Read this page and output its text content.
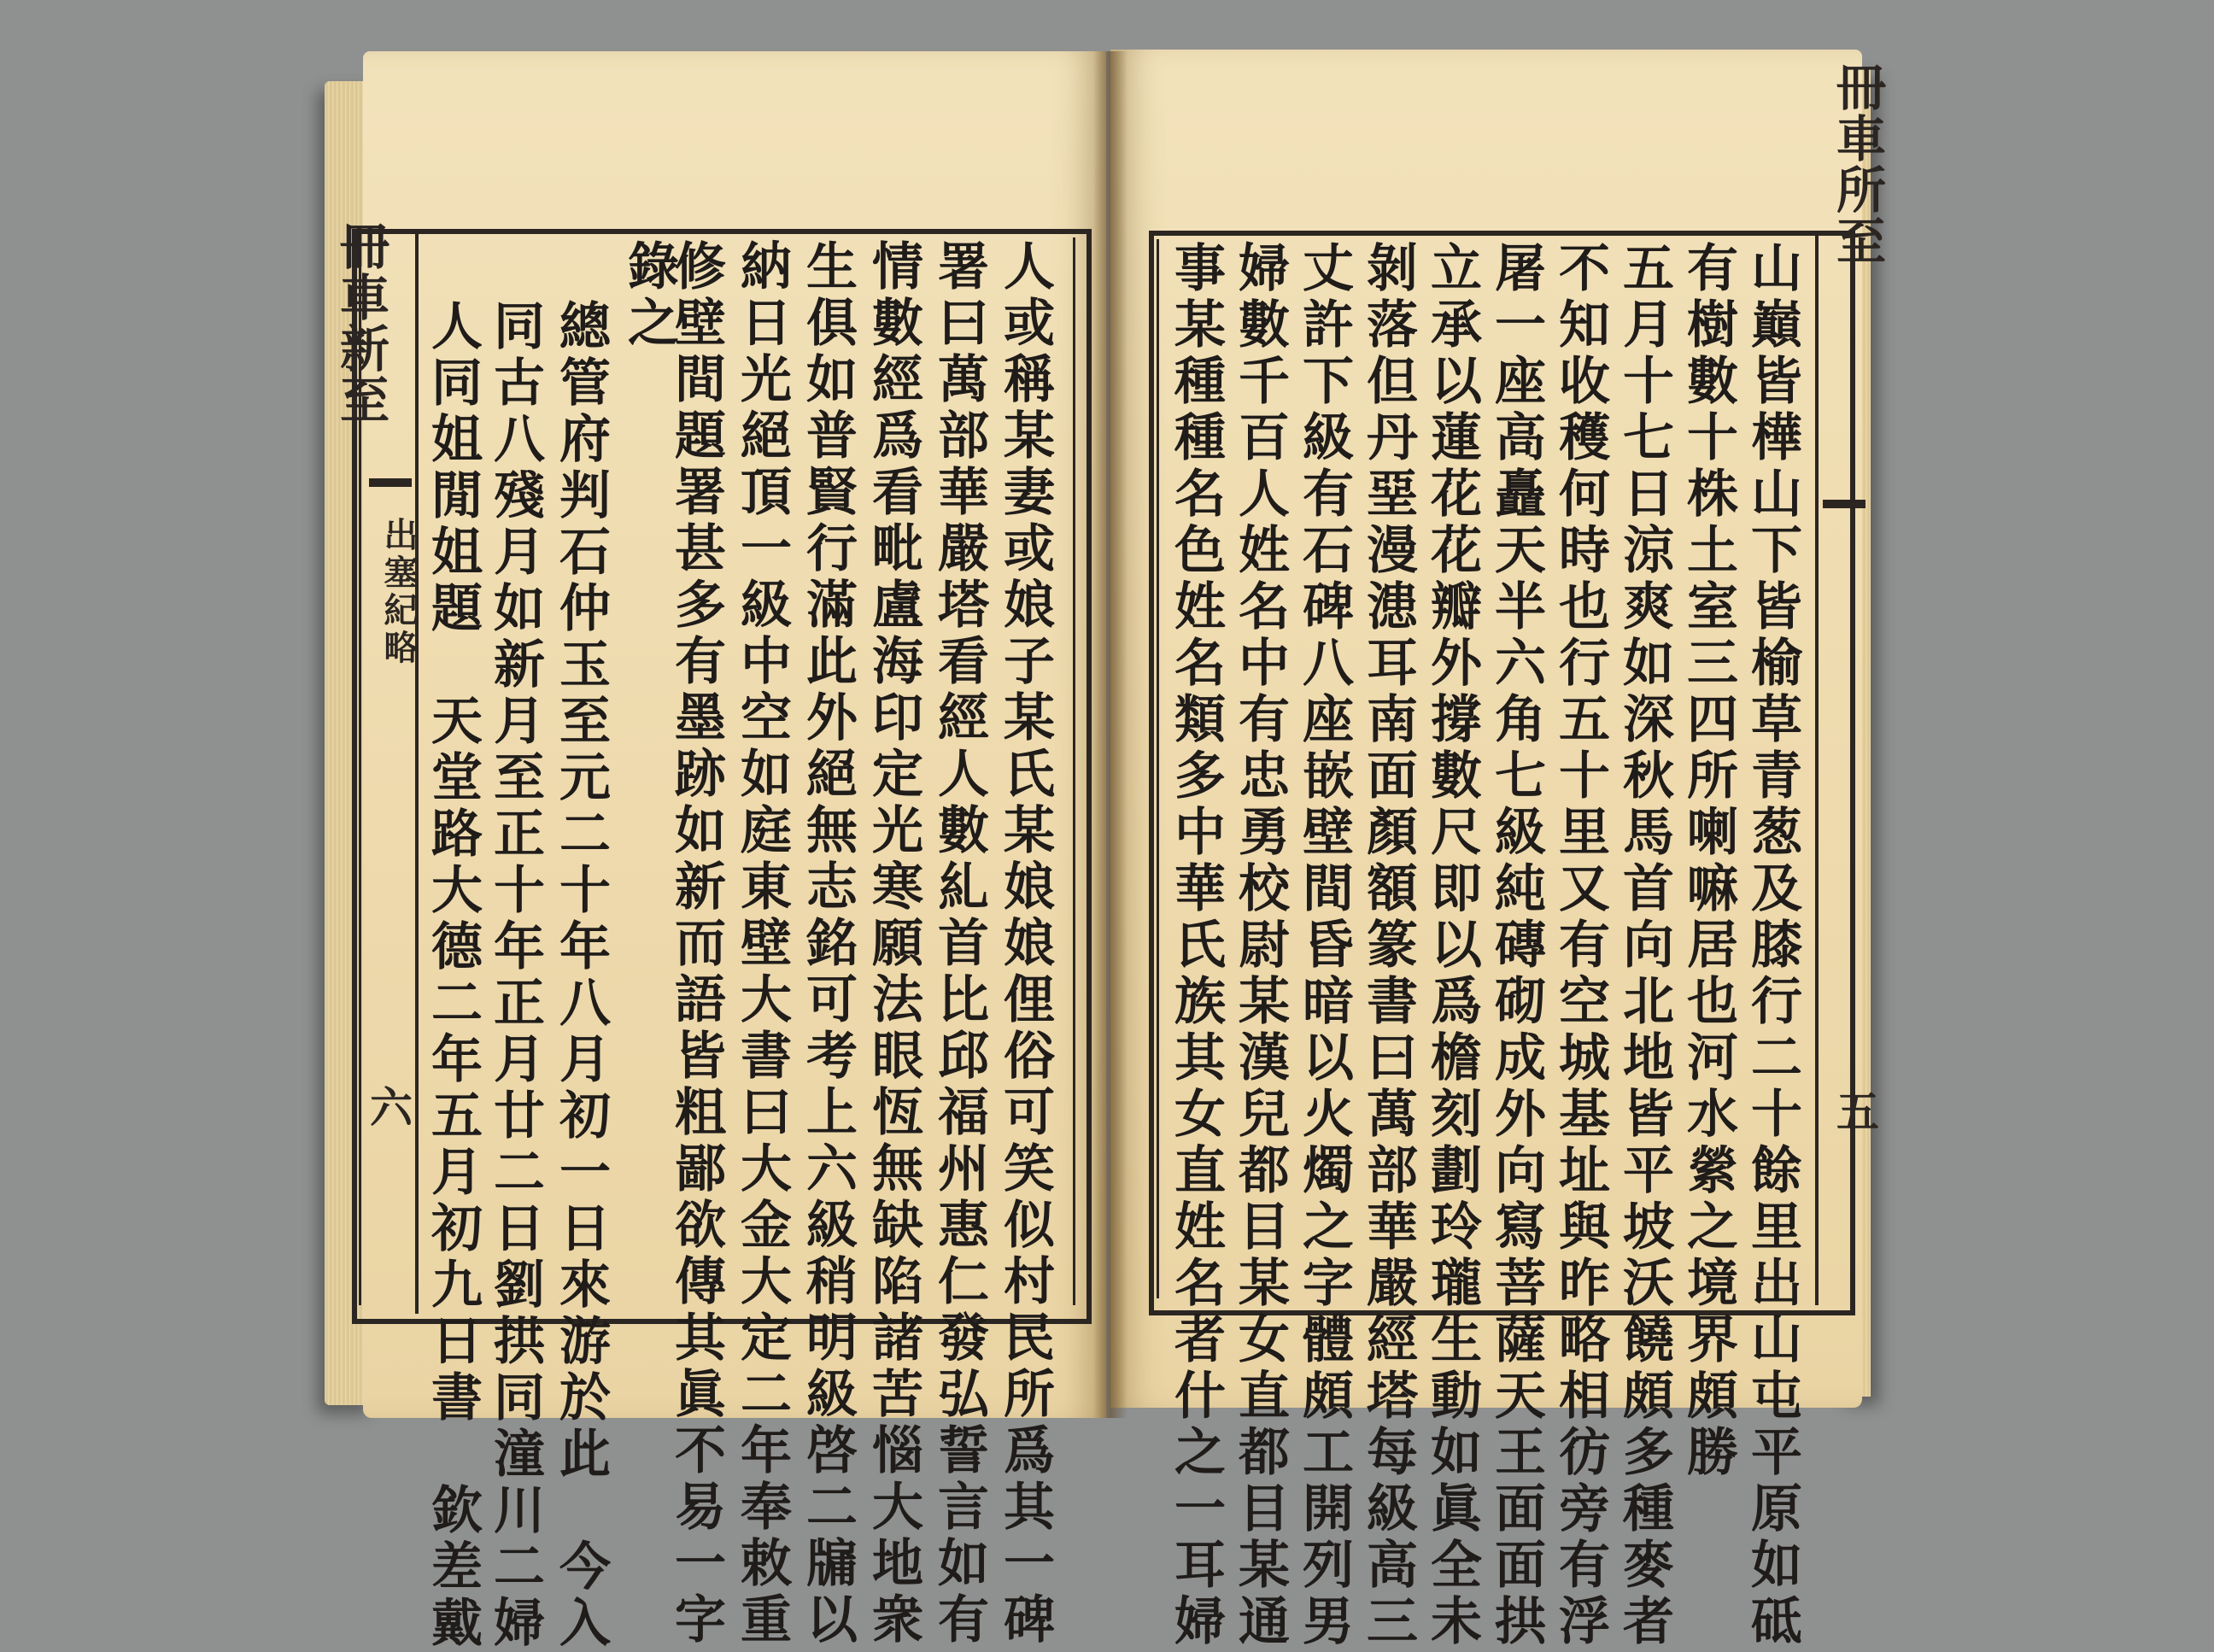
冊車新至
出塞紀略
六
冊車所至
五
人或稱某妻或娘子某氏某娘娘俚俗可笑似村民所爲其一碑
署曰萬部華嚴塔看經人數糺首比邱福州惠仁發弘誓言如有
情數經爲看毗盧海印定光寒願法眼恆無缺陷諸苦惱大地衆
生俱如普賢行滿此外絕無志銘可考上六級稍明級啓二牖以
納日光絕頂一級中空如庭東壁大書曰大金大定二年奉敕重
修壁間題署甚多有墨跡如新而語皆粗鄙欲傳其眞不易一字
錄之
總管府判石仲玉至元二十年八月初一日來游於此　今入
同古八殘月如新月至正十年正月廿二日劉拱同潼川二婦
人同姐閒姐題　天堂路大德二年五月初九日書　欽差戴	山巔皆樺山下皆榆草青葱及膝行二十餘里出山屯平原如砥
有樹數十株土室三四所喇嘛居也河水縈之境界頗勝
五月十七日涼爽如深秋馬首向北地皆平坡沃饒頗多種麥者
不知收穫何時也行五十里又有空城基址與昨略相彷旁有浮
屠一座高矗天半六角七級純磚砌成外向寫菩薩天王面面拱
立承以蓮花花瓣外撐數尺即以爲檐刻劃玲瓏生動如眞全未
剝落但丹堊漫漶耳南面顏額篆書曰萬部華嚴經塔每級高三
丈許下級有石碑八座嵌壁間昏暗以火燭之字體頗工開列男
婦數千百人姓名中有忠勇校尉某漢兒都目某女直都目某通
事某種種名色姓名類多中華氏族其女直姓名者什之一耳婦
